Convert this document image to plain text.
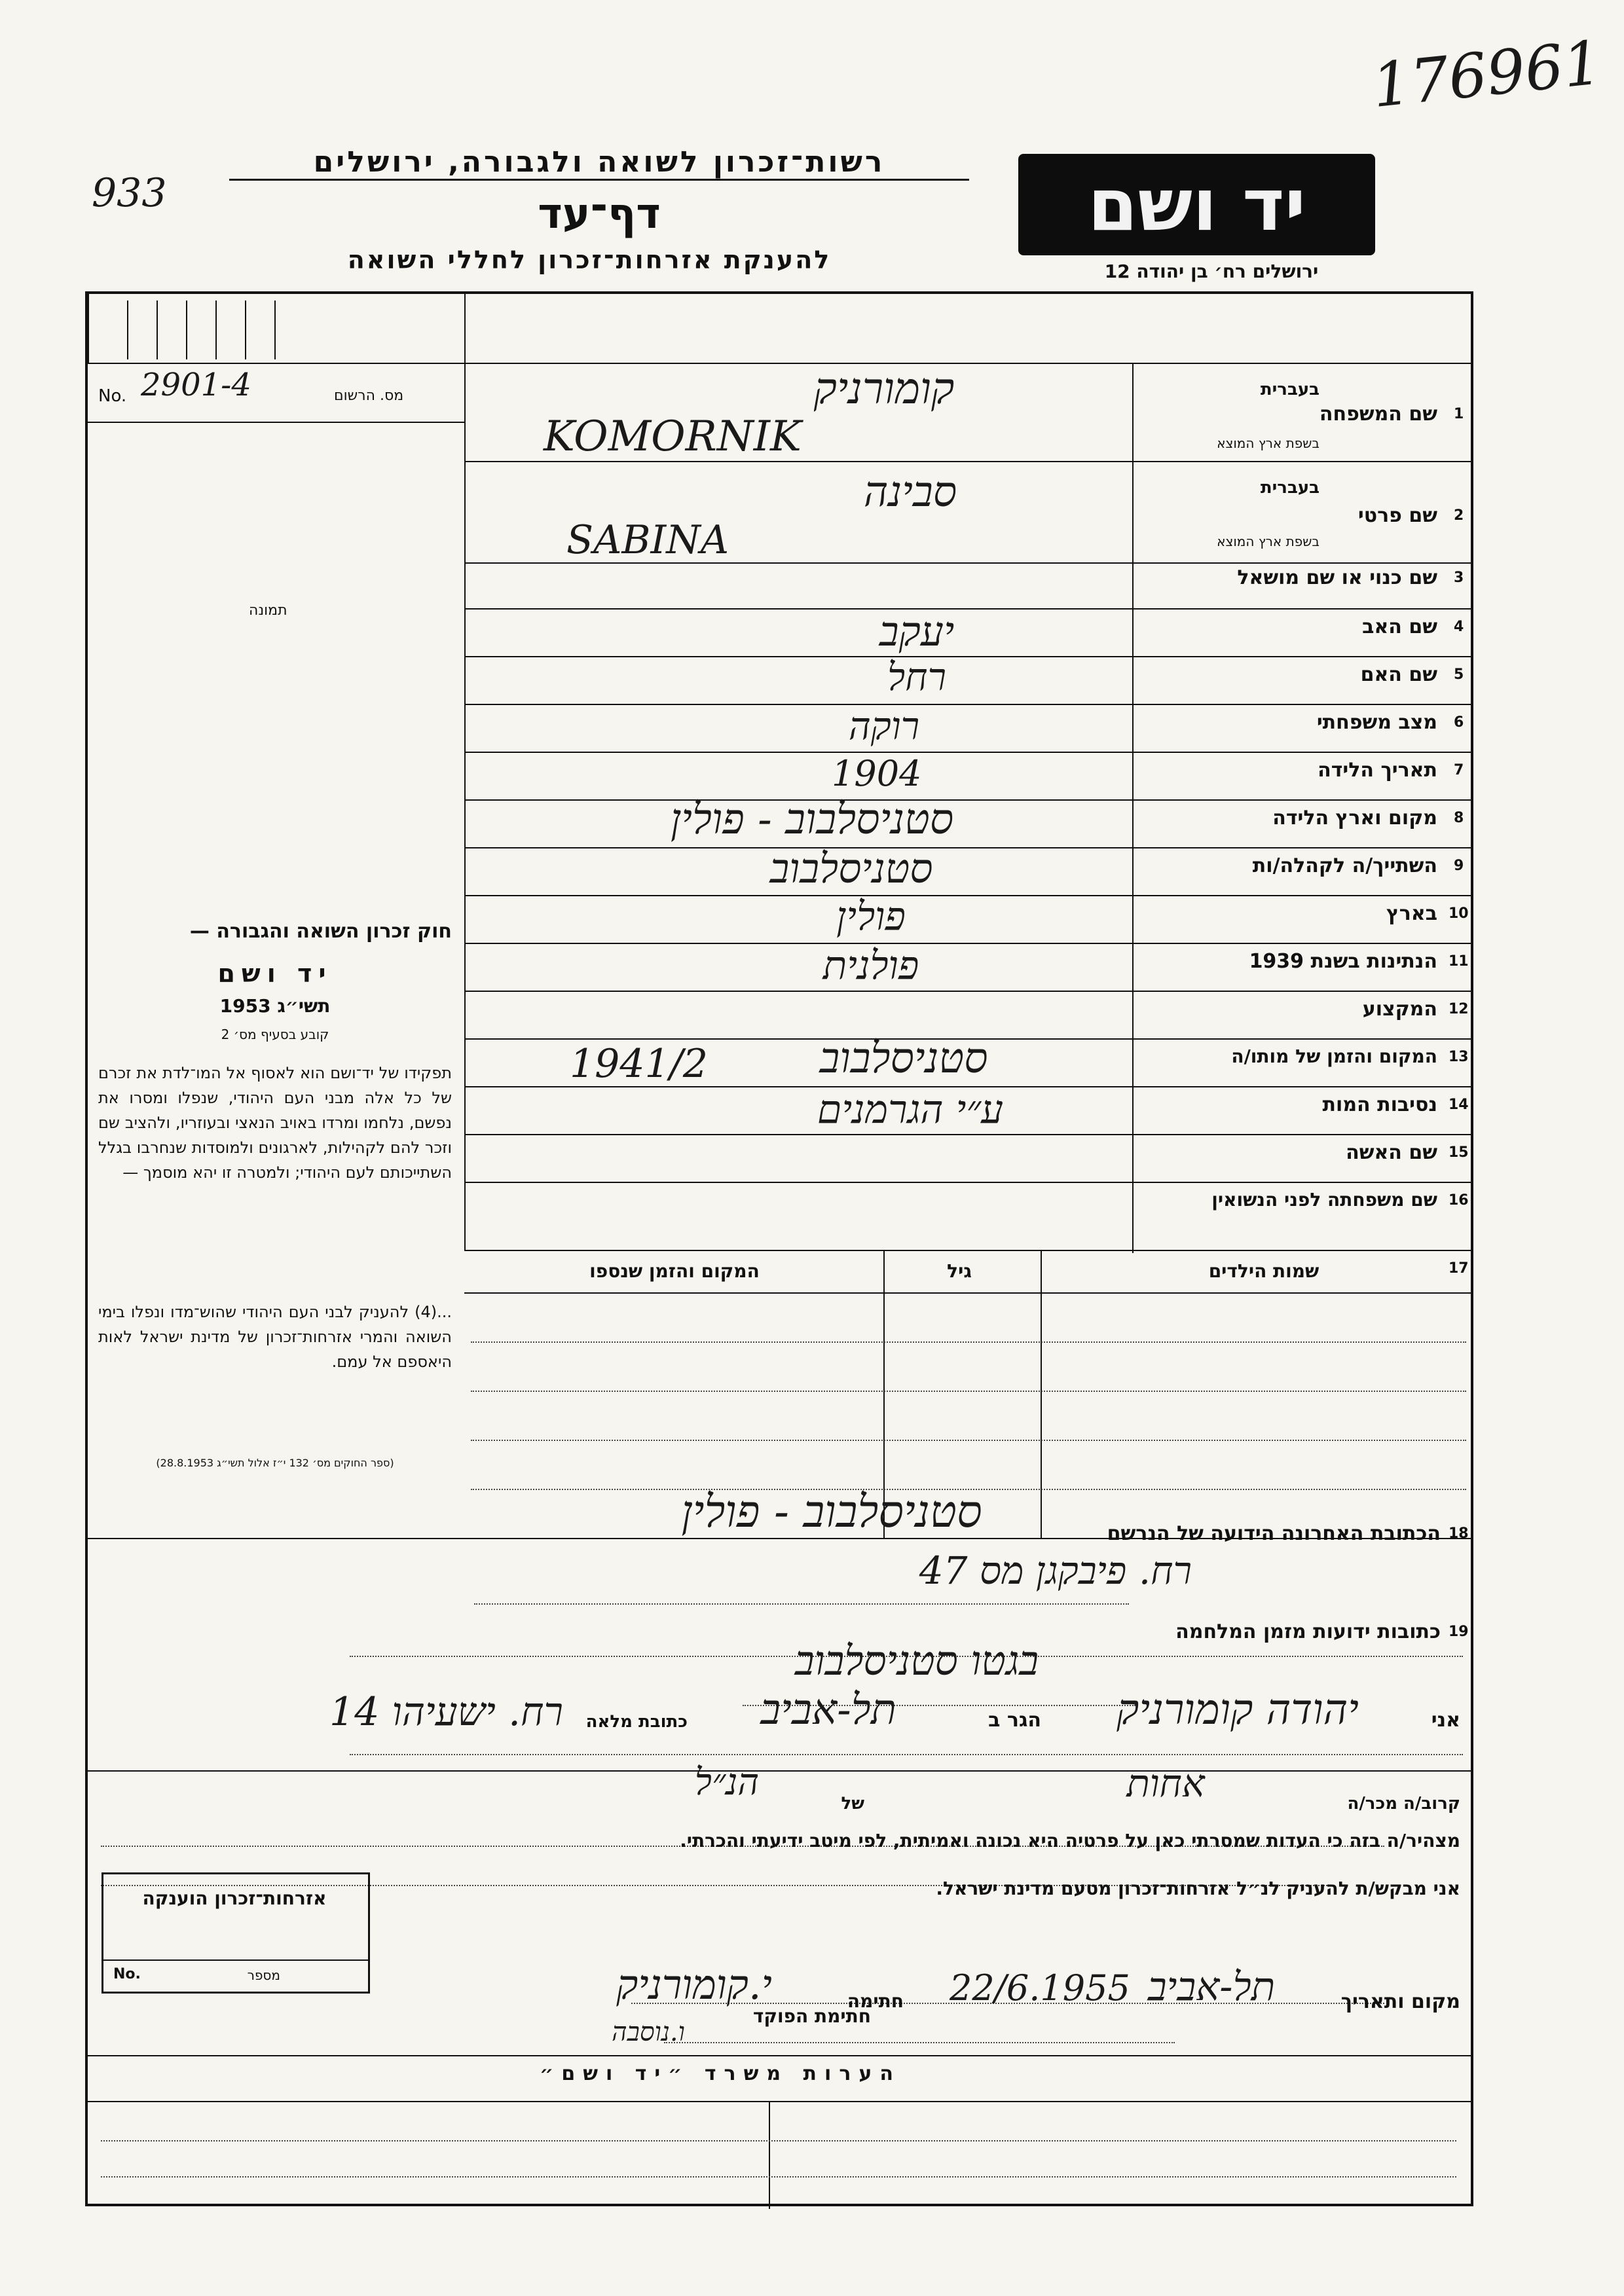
176961
933
רשות־זכרון לשואה ולגבורה, ירושלים
דף־עד
להענקת אזרחות־זכרון לחללי השואה
יד ושם
ירושלים רח׳ בן יהודה 12
No. 2901-4	מס. הרשום
תמונה
חוק זכרון השואה והגבורה —
יד ושם
תשי״ג 1953
קובע בסעיף מס׳ 2
תפקידו של יד־ושם הוא לאסוף אל המו־לדת את זכרם של כל אלה מבני העם היהודי, שנפלו ומסרו את נפשם, נלחמו ומרדו באויב הנאצי ובעוזריו, ולהציב שם וזכר להם לקהילות, לארגונים ולמוסדות שנחרבו בגלל השתייכותם לעם היהודי; ולמטרה זו יהא מוסמך —
...(4) להעניק לבני העם היהודי שהוש־מדו ונפלו בימי השואה והמרי אזרחות־זכרון של מדינת ישראל לאות היאספם אל עמם.
(ספר החוקים מס׳ 132 י״ז אלול תשי״ג 28.8.1953)
1
2
3
4
5
6
7
8
9
10
11
12
13
14
15
16
17
18
19
שם המשפחה
בעברית
בשפת ארץ המוצא
שם פרטי
בעברית
בשפת ארץ המוצא
שם כנוי או שם מושאל
שם האב
שם האם
מצב משפחתי
תאריך הלידה
מקום וארץ הלידה
השתייך/ה לקהלה/ות
בארץ
הנתינות בשנת 1939
המקצוע
המקום והזמן של מותו/ה
נסיבות המות
שם האשה
שם משפחתה לפני הנשואין
קומורניק
KOMORNIK
סבינה
SABINA
יעקב
רחל
רוקה
1904
סטניסלבוב - פולין
סטניסלבוב
פולין
פולנית
סטניסלבוב
1941/2
ע״י הגרמנים
שמות הילדים
גיל
המקום והזמן שנספו
הכתובת האחרונה הידועה של הנרשם
סטניסלבוב - פולין
רח. פיבקגן מס 47
כתובות ידועות מזמן המלחמה
בגטו סטניסלבוב
אני
יהודה קומורניק
הגר ב
תל-אביב
כתובת מלאה
רח. ישעיהו 14
קרוב/ה מכר/ה
אחות
של
הנ״ל
מצהיר/ה בזה כי העדות שמסרתי כאן על פרטיה היא נכונה ואמיתית, לפי מיטב ידיעתי והכרתי.
אני מבקש/ת להעניק לנ״ל אזרחות־זכרון מטעם מדינת ישראל.
מקום ותאריך
תל-אביב
22/6.1955
חתימה
י.קומורניק
ו.נוסבה
חתימת הפוקד
אזרחות־זכרון הוענקה
No.	מספר
הערות משרד ״יד ושם״
